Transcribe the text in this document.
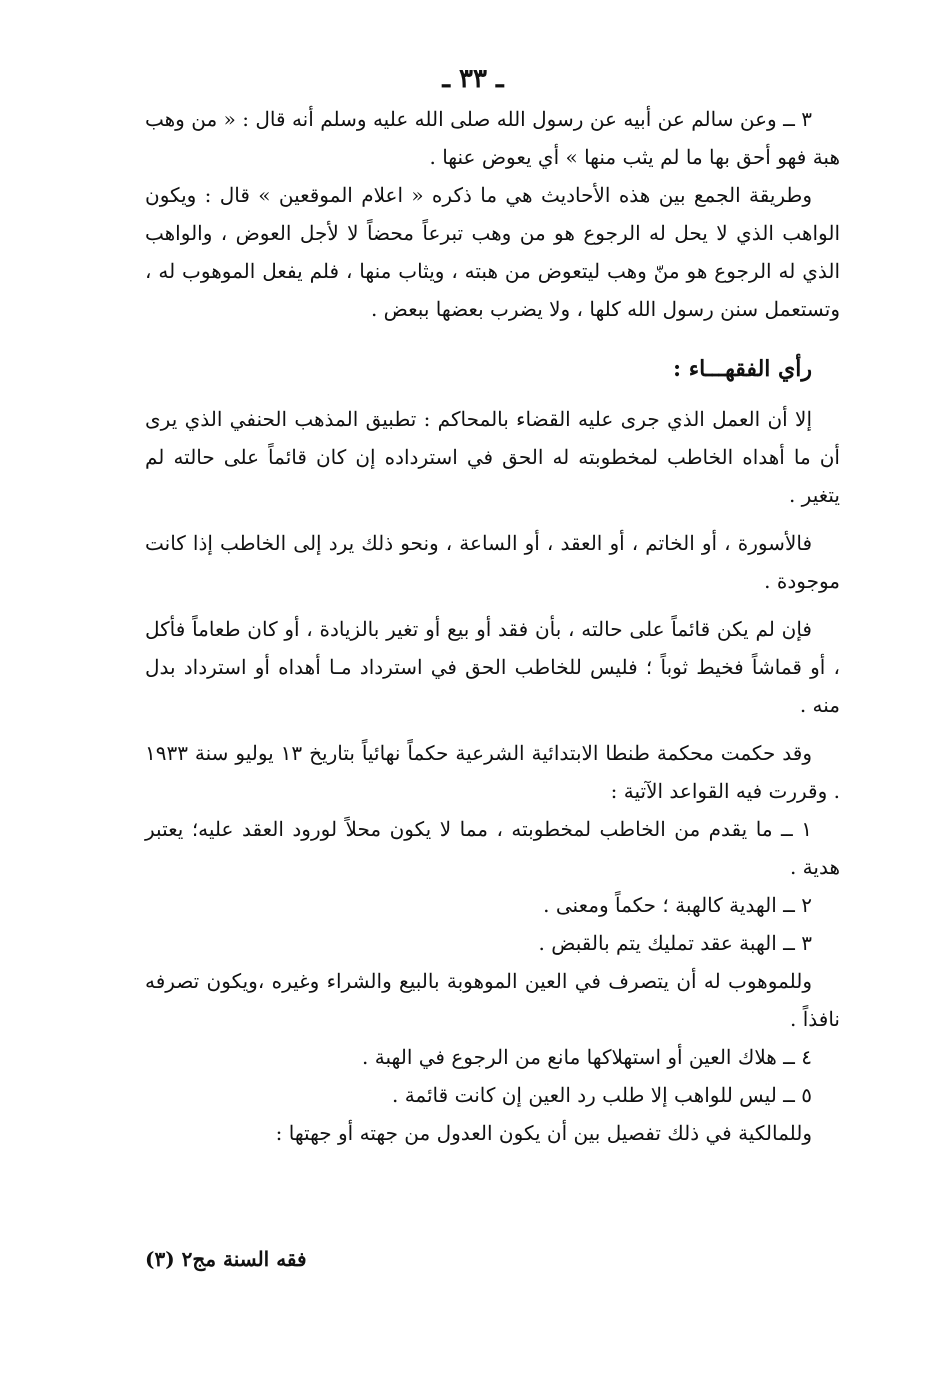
ـ ٣٣ ـ

٣ ــ وعن سالم عن أبيه عن رسول الله صلى الله عليه وسلم أنه قال : « من وهب هبة فهو أحق بها ما لم يثب منها » أي يعوض عنها .

وطريقة الجمع بين هذه الأحاديث هي ما ذكره « اعلام الموقعين » قال : ويكون الواهب الذي لا يحل له الرجوع هو من وهب تبرعاً محضاً لا لأجل العوض ، والواهب الذي له الرجوع هو منّ وهب ليتعوض من هبته ، ويثاب منها ، فلم يفعل الموهوب له ، وتستعمل سنن رسول الله كلها ، ولا يضرب بعضها ببعض .

رأي الفقهـــاء :

إلا أن العمل الذي جرى عليه القضاء بالمحاكم : تطبيق المذهب الحنفي الذي يرى أن ما أهداه الخاطب لمخطوبته له الحق في استرداده إن كان قائماً على حالته لم يتغير .

فالأسورة ، أو الخاتم ، أو العقد ، أو الساعة ، ونحو ذلك يرد إلى الخاطب إذا كانت موجودة .

فإن لم يكن قائماً على حالته ، بأن فقد أو بيع أو تغير بالزيادة ، أو كان طعاماً فأكل ، أو قماشاً فخيط ثوباً ؛ فليس للخاطب الحق في استرداد مـا أهداه أو استرداد بدل منه .

وقد حكمت محكمة طنطا الابتدائية الشرعية حكماً نهائياً بتاريخ ١٣ يوليو سنة ١٩٣٣ . وقررت فيه القواعد الآتية :

١ ــ ما يقدم من الخاطب لمخطوبته ، مما لا يكون محلاً لورود العقد عليه؛ يعتبر هدية .

٢ ــ الهدية كالهبة ؛ حكماً ومعنى .

٣ ــ الهبة عقد تمليك يتم بالقبض .

وللموهوب له أن يتصرف في العين الموهوبة بالبيع والشراء وغيره ،ويكون تصرفه نافذاً .

٤ ــ هلاك العين أو استهلاكها مانع من الرجوع في الهبة .

٥ ــ ليس للواهب إلا طلب رد العين إن كانت قائمة .

وللمالكية في ذلك تفصيل بين أن يكون العدول من جهته أو جهتها :

فقه السنة مج٢ (٣)
